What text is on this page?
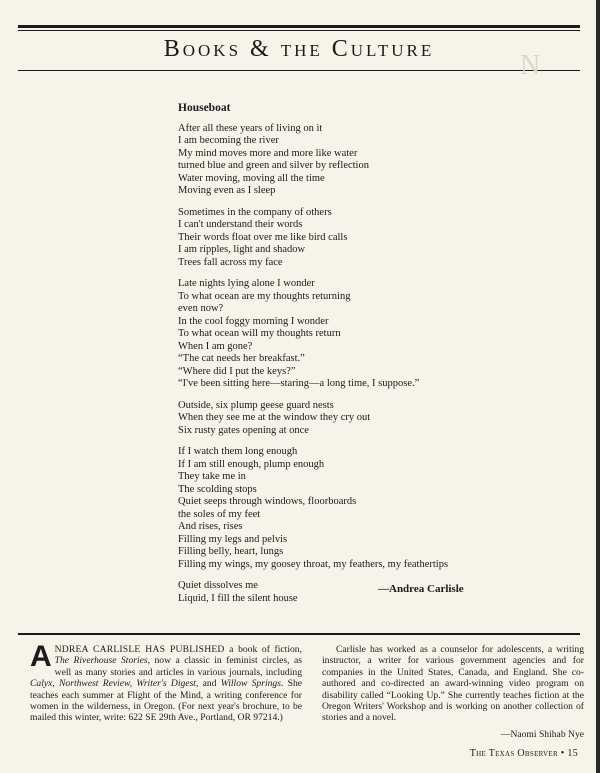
Books & the Culture
N
Houseboat
After all these years of living on it
I am becoming the river
My mind moves more and more like water
turned blue and green and silver by reflection
Water moving, moving all the time
Moving even as I sleep
Sometimes in the company of others
I can't understand their words
Their words float over me like bird calls
I am ripples, light and shadow
Trees fall across my face
Late nights lying alone I wonder
To what ocean are my thoughts returning
even now?
In the cool foggy morning I wonder
To what ocean will my thoughts return
When I am gone?
“The cat needs her breakfast.”
“Where did I put the keys?”
“I've been sitting here—staring—a long time, I suppose.”
Outside, six plump geese guard nests
When they see me at the window they cry out
Six rusty gates opening at once
If I watch them long enough
If I am still enough, plump enough
They take me in
The scolding stops
Quiet seeps through windows, floorboards
the soles of my feet
And rises, rises
Filling my legs and pelvis
Filling belly, heart, lungs
Filling my wings, my goosey throat, my feathers, my feathertips
Quiet dissolves me
Liquid, I fill the silent house
—Andrea Carlisle
ANDREA CARLISLE HAS PUBLISHED a book of fiction, The Riverhouse Stories, now a classic in feminist circles, as well as many stories and articles in various journals, including Calyx, Northwest Review, Writer's Digest, and Willow Springs. She teaches each summer at Flight of the Mind, a writing conference for women in the wilderness, in Oregon. (For next year's brochure, to be mailed this winter, write: 622 SE 29th Ave., Portland, OR 97214.)
Carlisle has worked as a counselor for adolescents, a writing instructor, a writer for various government agencies and for companies in the United States, Canada, and England. She co-authored and co-directed an award-winning video program on disability called “Looking Up.” She currently teaches fiction at the Oregon Writers' Workshop and is working on another collection of stories and a novel.
—Naomi Shihab Nye
The Texas Observer • 15
